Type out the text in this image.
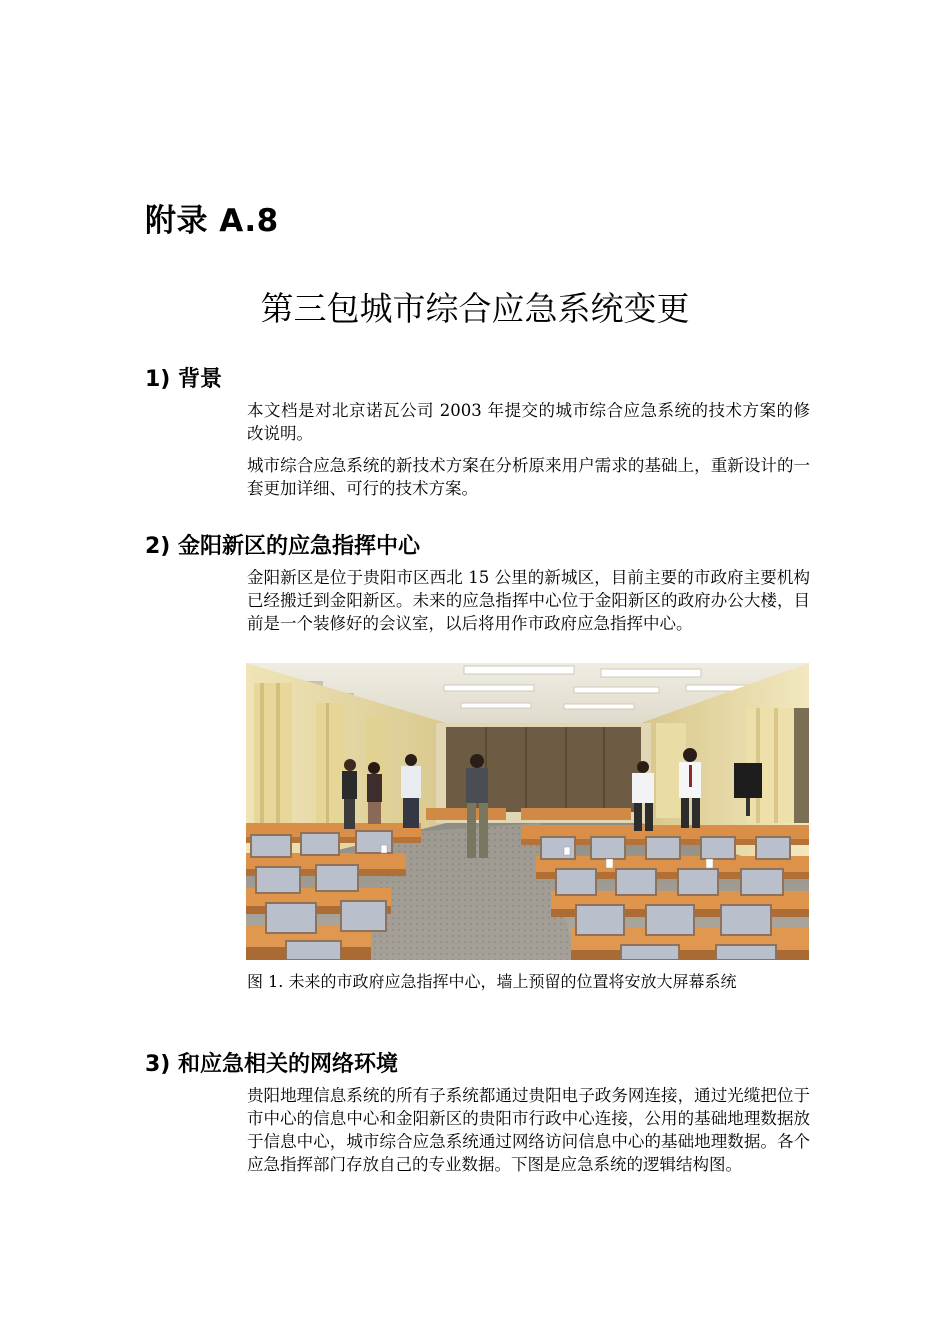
附录 A.8
第三包城市综合应急系统变更
1) 背景
本文档是对北京诺瓦公司 2003 年提交的城市综合应急系统的技术方案的修改说明。
城市综合应急系统的新技术方案在分析原来用户需求的基础上，重新设计的一套更加详细、可行的技术方案。
2) 金阳新区的应急指挥中心
金阳新区是位于贵阳市区西北 15 公里的新城区，目前主要的市政府主要机构已经搬迁到金阳新区。未来的应急指挥中心位于金阳新区的政府办公大楼，目前是一个装修好的会议室，以后将用作市政府应急指挥中心。
图 1. 未来的市政府应急指挥中心，墙上预留的位置将安放大屏幕系统
3) 和应急相关的网络环境
贵阳地理信息系统的所有子系统都通过贵阳电子政务网连接，通过光缆把位于市中心的信息中心和金阳新区的贵阳市行政中心连接，公用的基础地理数据放于信息中心，城市综合应急系统通过网络访问信息中心的基础地理数据。各个应急指挥部门存放自己的专业数据。下图是应急系统的逻辑结构图。
